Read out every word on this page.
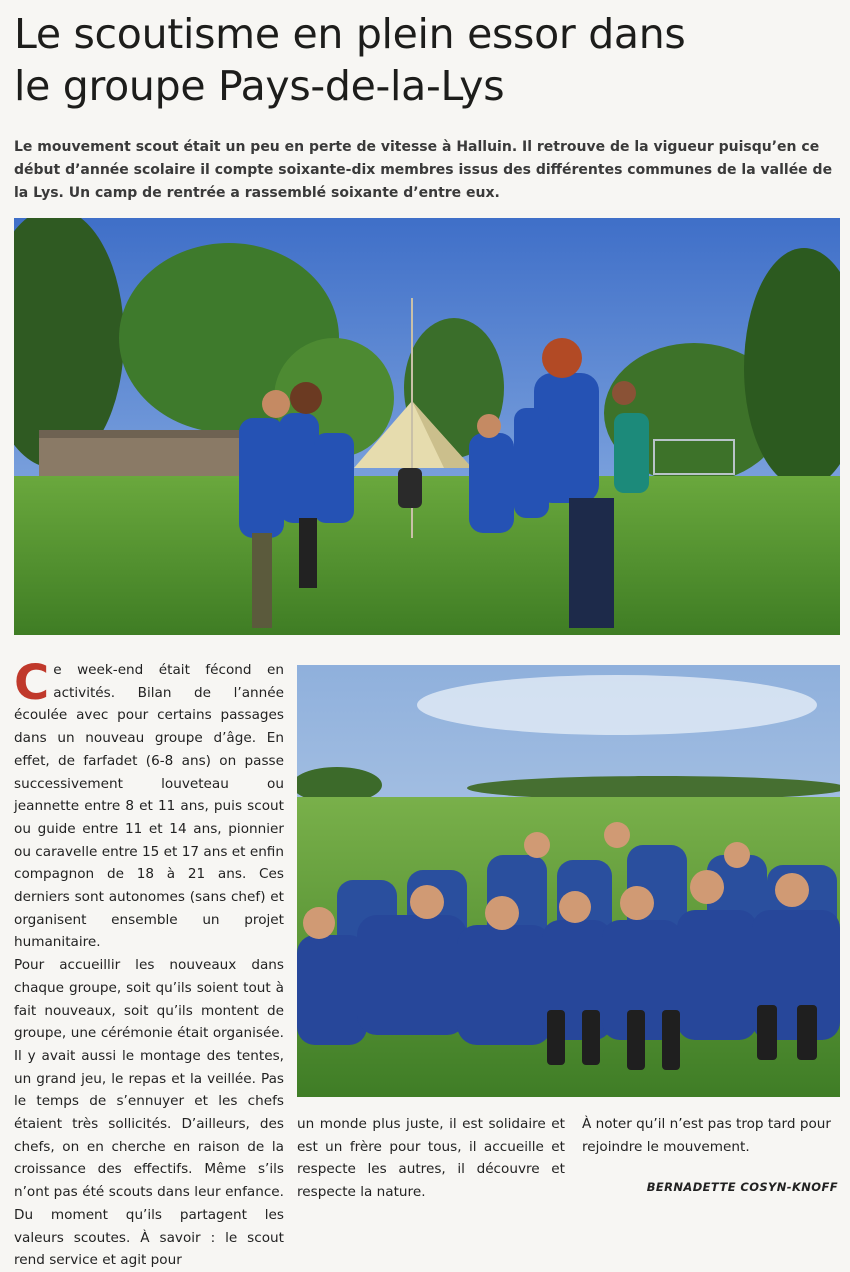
Le scoutisme en plein essor dans
le groupe Pays-de-la-Lys

Le mouvement scout était un peu en perte de vitesse à Halluin. Il retrouve de la vigueur puisqu’en ce début d’année scolaire il compte soixante-dix membres issus des différentes communes de la vallée de la Lys. Un camp de rentrée a rassemblé soixante d’entre eux.

Ce week-end était fécond en activités. Bilan de l’année écoulée avec pour certains passages dans un nouveau groupe d’âge. En effet, de farfadet (6-8 ans) on passe successivement louveteau ou jeannette entre 8 et 11 ans, puis scout ou guide entre 11 et 14 ans, pionnier ou caravelle entre 15 et 17 ans et enfin compagnon de 18 à 21 ans. Ces derniers sont autonomes (sans chef) et organisent ensemble un projet humanitaire.

Pour accueillir les nouveaux dans chaque groupe, soit qu’ils soient tout à fait nouveaux, soit qu’ils montent de groupe, une cérémonie était organisée. Il y avait aussi le montage des tentes, un grand jeu, le repas et la veillée. Pas le temps de s’ennuyer et les chefs étaient très sollicités. D’ailleurs, des chefs, on en cherche en raison de la croissance des effectifs. Même s’ils n’ont pas été scouts dans leur enfance. Du moment qu’ils partagent les valeurs scoutes. À savoir : le scout rend service et agit pour

un monde plus juste, il est solidaire et est un frère pour tous, il accueille et respecte les autres, il découvre et respecte la nature.

À noter qu’il n’est pas trop tard pour rejoindre le mouvement.

BERNADETTE COSYN-KNOFF
